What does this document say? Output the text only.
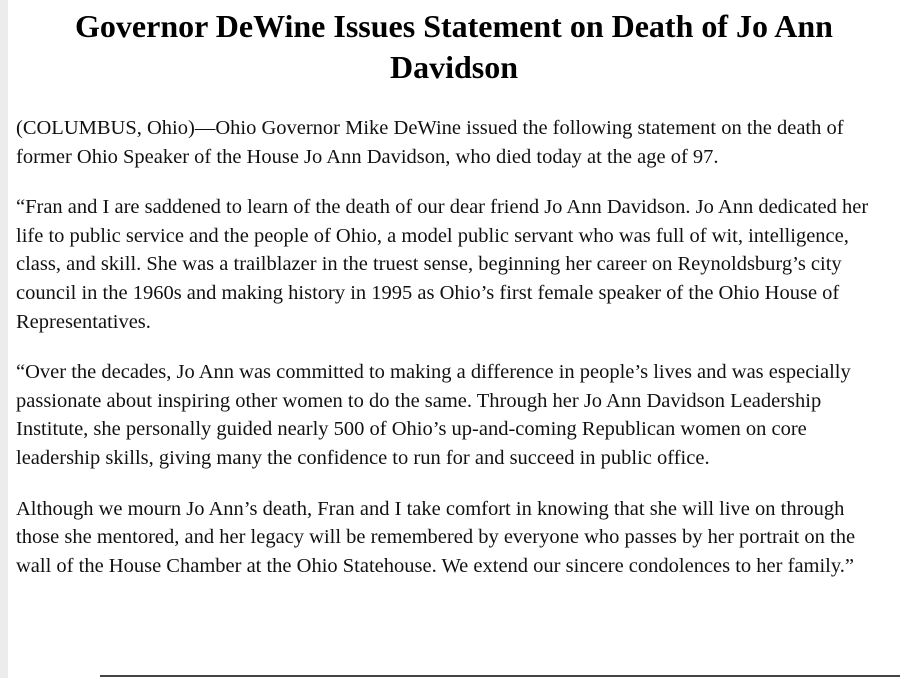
Governor DeWine Issues Statement on Death of Jo Ann Davidson

(COLUMBUS, Ohio)—Ohio Governor Mike DeWine issued the following statement on the death of former Ohio Speaker of the House Jo Ann Davidson, who died today at the age of 97.

“Fran and I are saddened to learn of the death of our dear friend Jo Ann Davidson. Jo Ann dedicated her life to public service and the people of Ohio, a model public servant who was full of wit, intelligence, class, and skill. She was a trailblazer in the truest sense, beginning her career on Reynoldsburg’s city council in the 1960s and making history in 1995 as Ohio’s first female speaker of the Ohio House of Representatives.

“Over the decades, Jo Ann was committed to making a difference in people’s lives and was especially passionate about inspiring other women to do the same. Through her Jo Ann Davidson Leadership Institute, she personally guided nearly 500 of Ohio’s up-and-coming Republican women on core leadership skills, giving many the confidence to run for and succeed in public office.

Although we mourn Jo Ann’s death, Fran and I take comfort in knowing that she will live on through those she mentored, and her legacy will be remembered by everyone who passes by her portrait on the wall of the House Chamber at the Ohio Statehouse. We extend our sincere condolences to her family.”
